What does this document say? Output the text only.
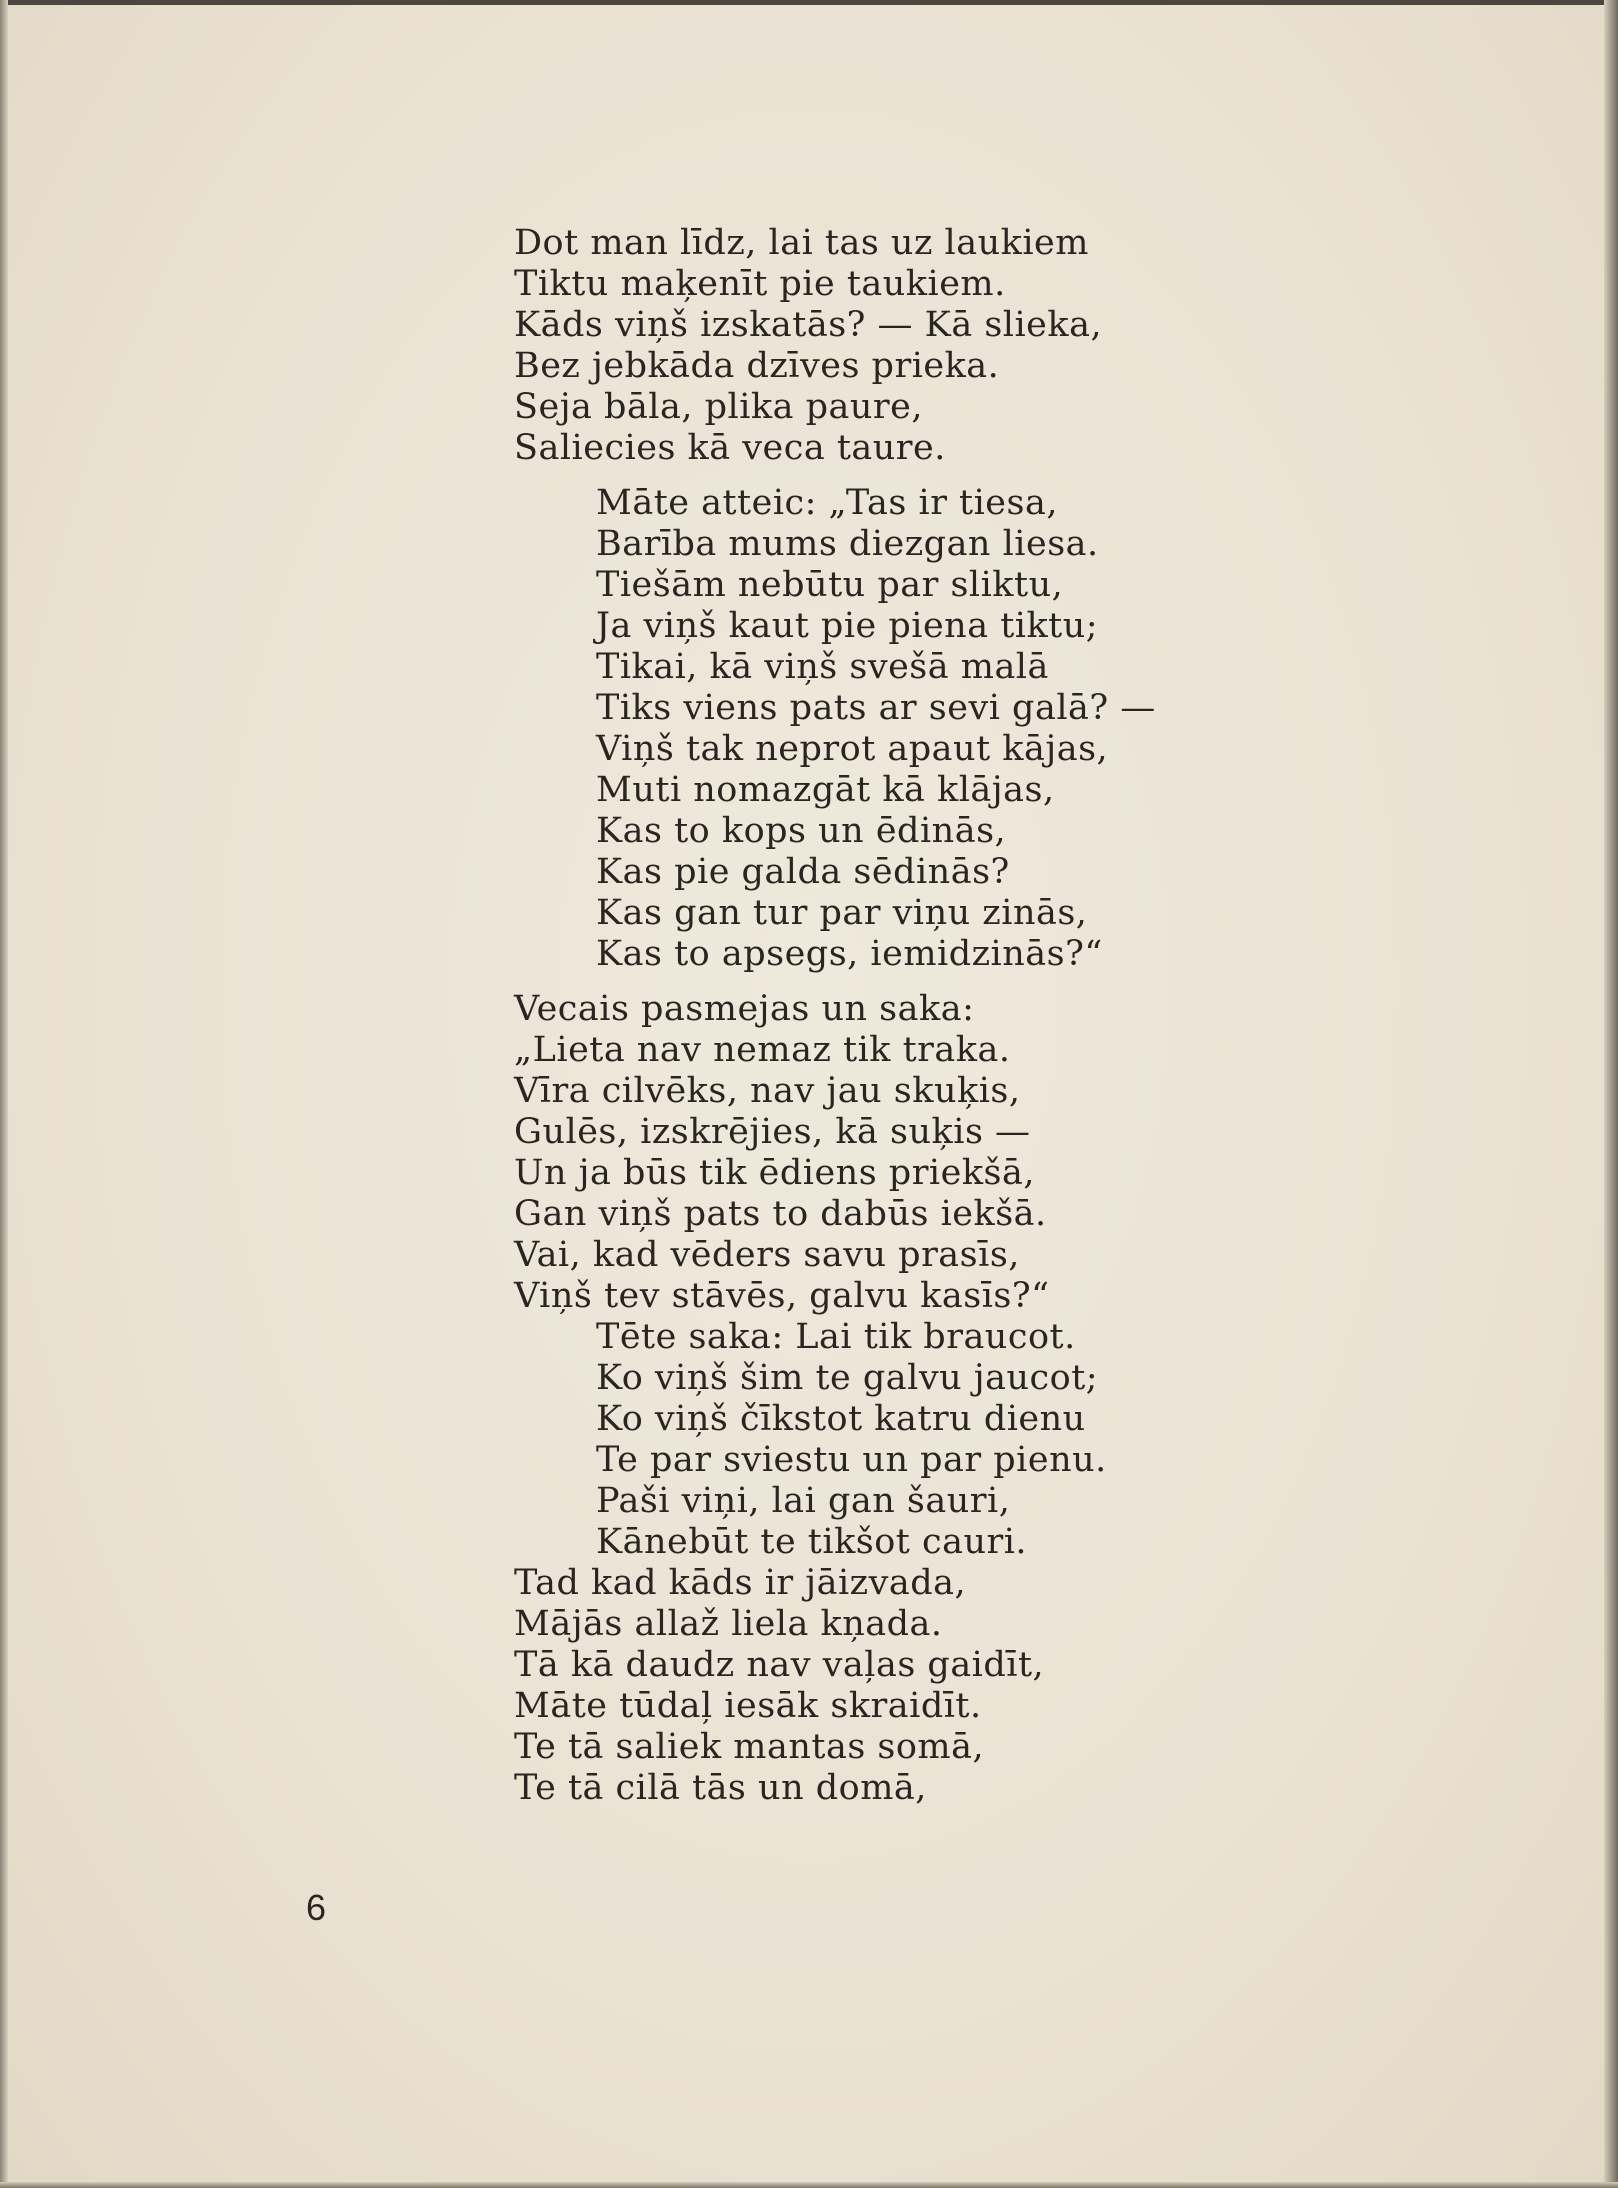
Dot man līdz, lai tas uz laukiem
Tiktu maķenīt pie taukiem.
Kāds viņš izskatās? — Kā slieka,
Bez jebkāda dzīves prieka.
Seja bāla, plika paure,
Saliecies kā veca taure.
Māte atteic: „Tas ir tiesa,
Barība mums diezgan liesa.
Tiešām nebūtu par sliktu,
Ja viņš kaut pie piena tiktu;
Tikai, kā viņš svešā malā
Tiks viens pats ar sevi galā? —
Viņš tak neprot apaut kājas,
Muti nomazgāt kā klājas,
Kas to kops un ēdinās,
Kas pie galda sēdinās?
Kas gan tur par viņu zinās,
Kas to apsegs, iemidzinās?“
Vecais pasmejas un saka:
„Lieta nav nemaz tik traka.
Vīra cilvēks, nav jau skuķis,
Gulēs, izskrējies, kā suķis —
Un ja būs tik ēdiens priekšā,
Gan viņš pats to dabūs iekšā.
Vai, kad vēders savu prasīs,
Viņš tev stāvēs, galvu kasīs?“
Tēte saka: Lai tik braucot.
Ko viņš šim te galvu jaucot;
Ko viņš čīkstot katru dienu
Te par sviestu un par pienu.
Paši viņi, lai gan šauri,
Kānebūt te tikšot cauri.
Tad kad kāds ir jāizvada,
Mājās allaž liela kņada.
Tā kā daudz nav vaļas gaidīt,
Māte tūdaļ iesāk skraidīt.
Te tā saliek mantas somā,
Te tā cilā tās un domā,
6
